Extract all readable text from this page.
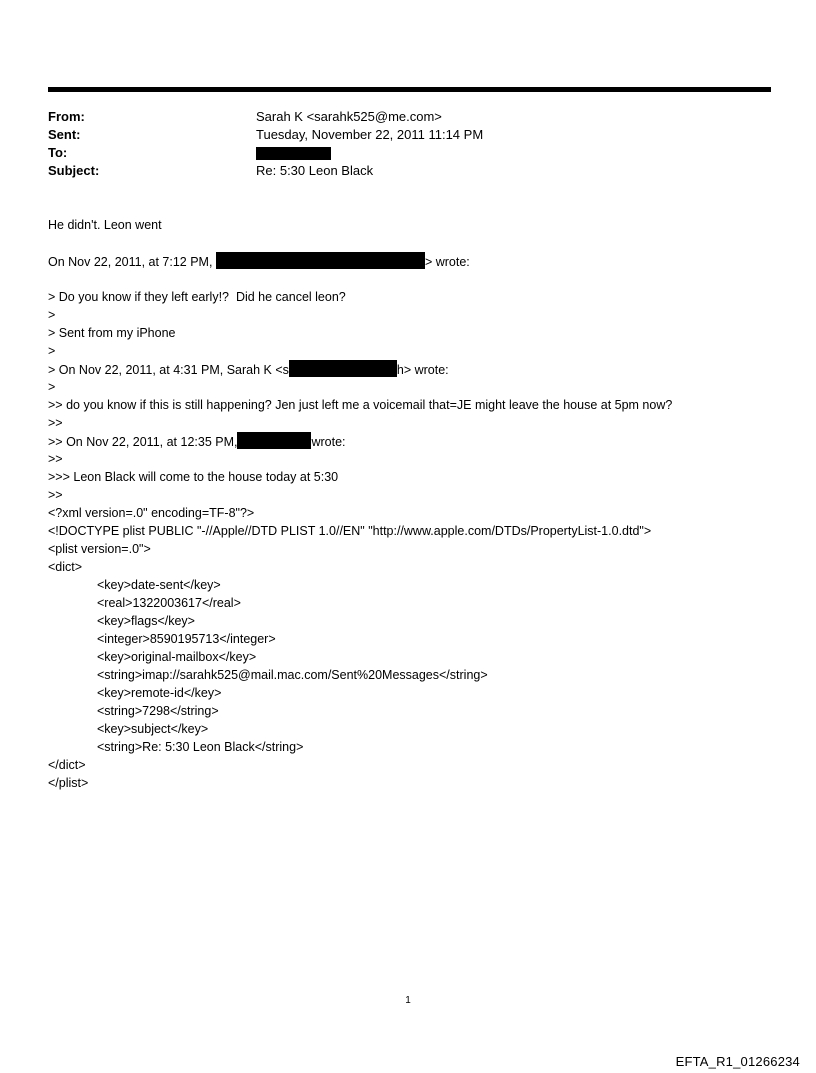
From:	Sarah K <sarahk525@me.com>
Sent:	Tuesday, November 22, 2011 11:14 PM
To:
Subject:	Re: 5:30 Leon Black
He didn't. Leon went
On Nov 22, 2011, at 7:12 PM,	> wrote:
> Do you know if they left early!?  Did he cancel leon?
>
> Sent from my iPhone
>
> On Nov 22, 2011, at 4:31 PM, Sarah K <s	h> wrote:
>
>> do you know if this is still happening? Jen just left me a voicemail that=JE might leave the house at 5pm now?
>>
>> On Nov 22, 2011, at 12:35 PM,	wrote:
>>
>>> Leon Black will come to the house today at 5:30
>>
<?xml version=.0" encoding=TF-8"?>
<!DOCTYPE plist PUBLIC "-//Apple//DTD PLIST 1.0//EN" "http://www.apple.com/DTDs/PropertyList-1.0.dtd">
<plist version=.0">
<dict>
<key>date-sent</key>
<real>1322003617</real>
<key>flags</key>
<integer>8590195713</integer>
<key>original-mailbox</key>
<string>imap://sarahk525@mail.mac.com/Sent%20Messages</string>
<key>remote-id</key>
<string>7298</string>
<key>subject</key>
<string>Re: 5:30 Leon Black</string>
</dict>
</plist>
1
EFTA_R1_01266234
